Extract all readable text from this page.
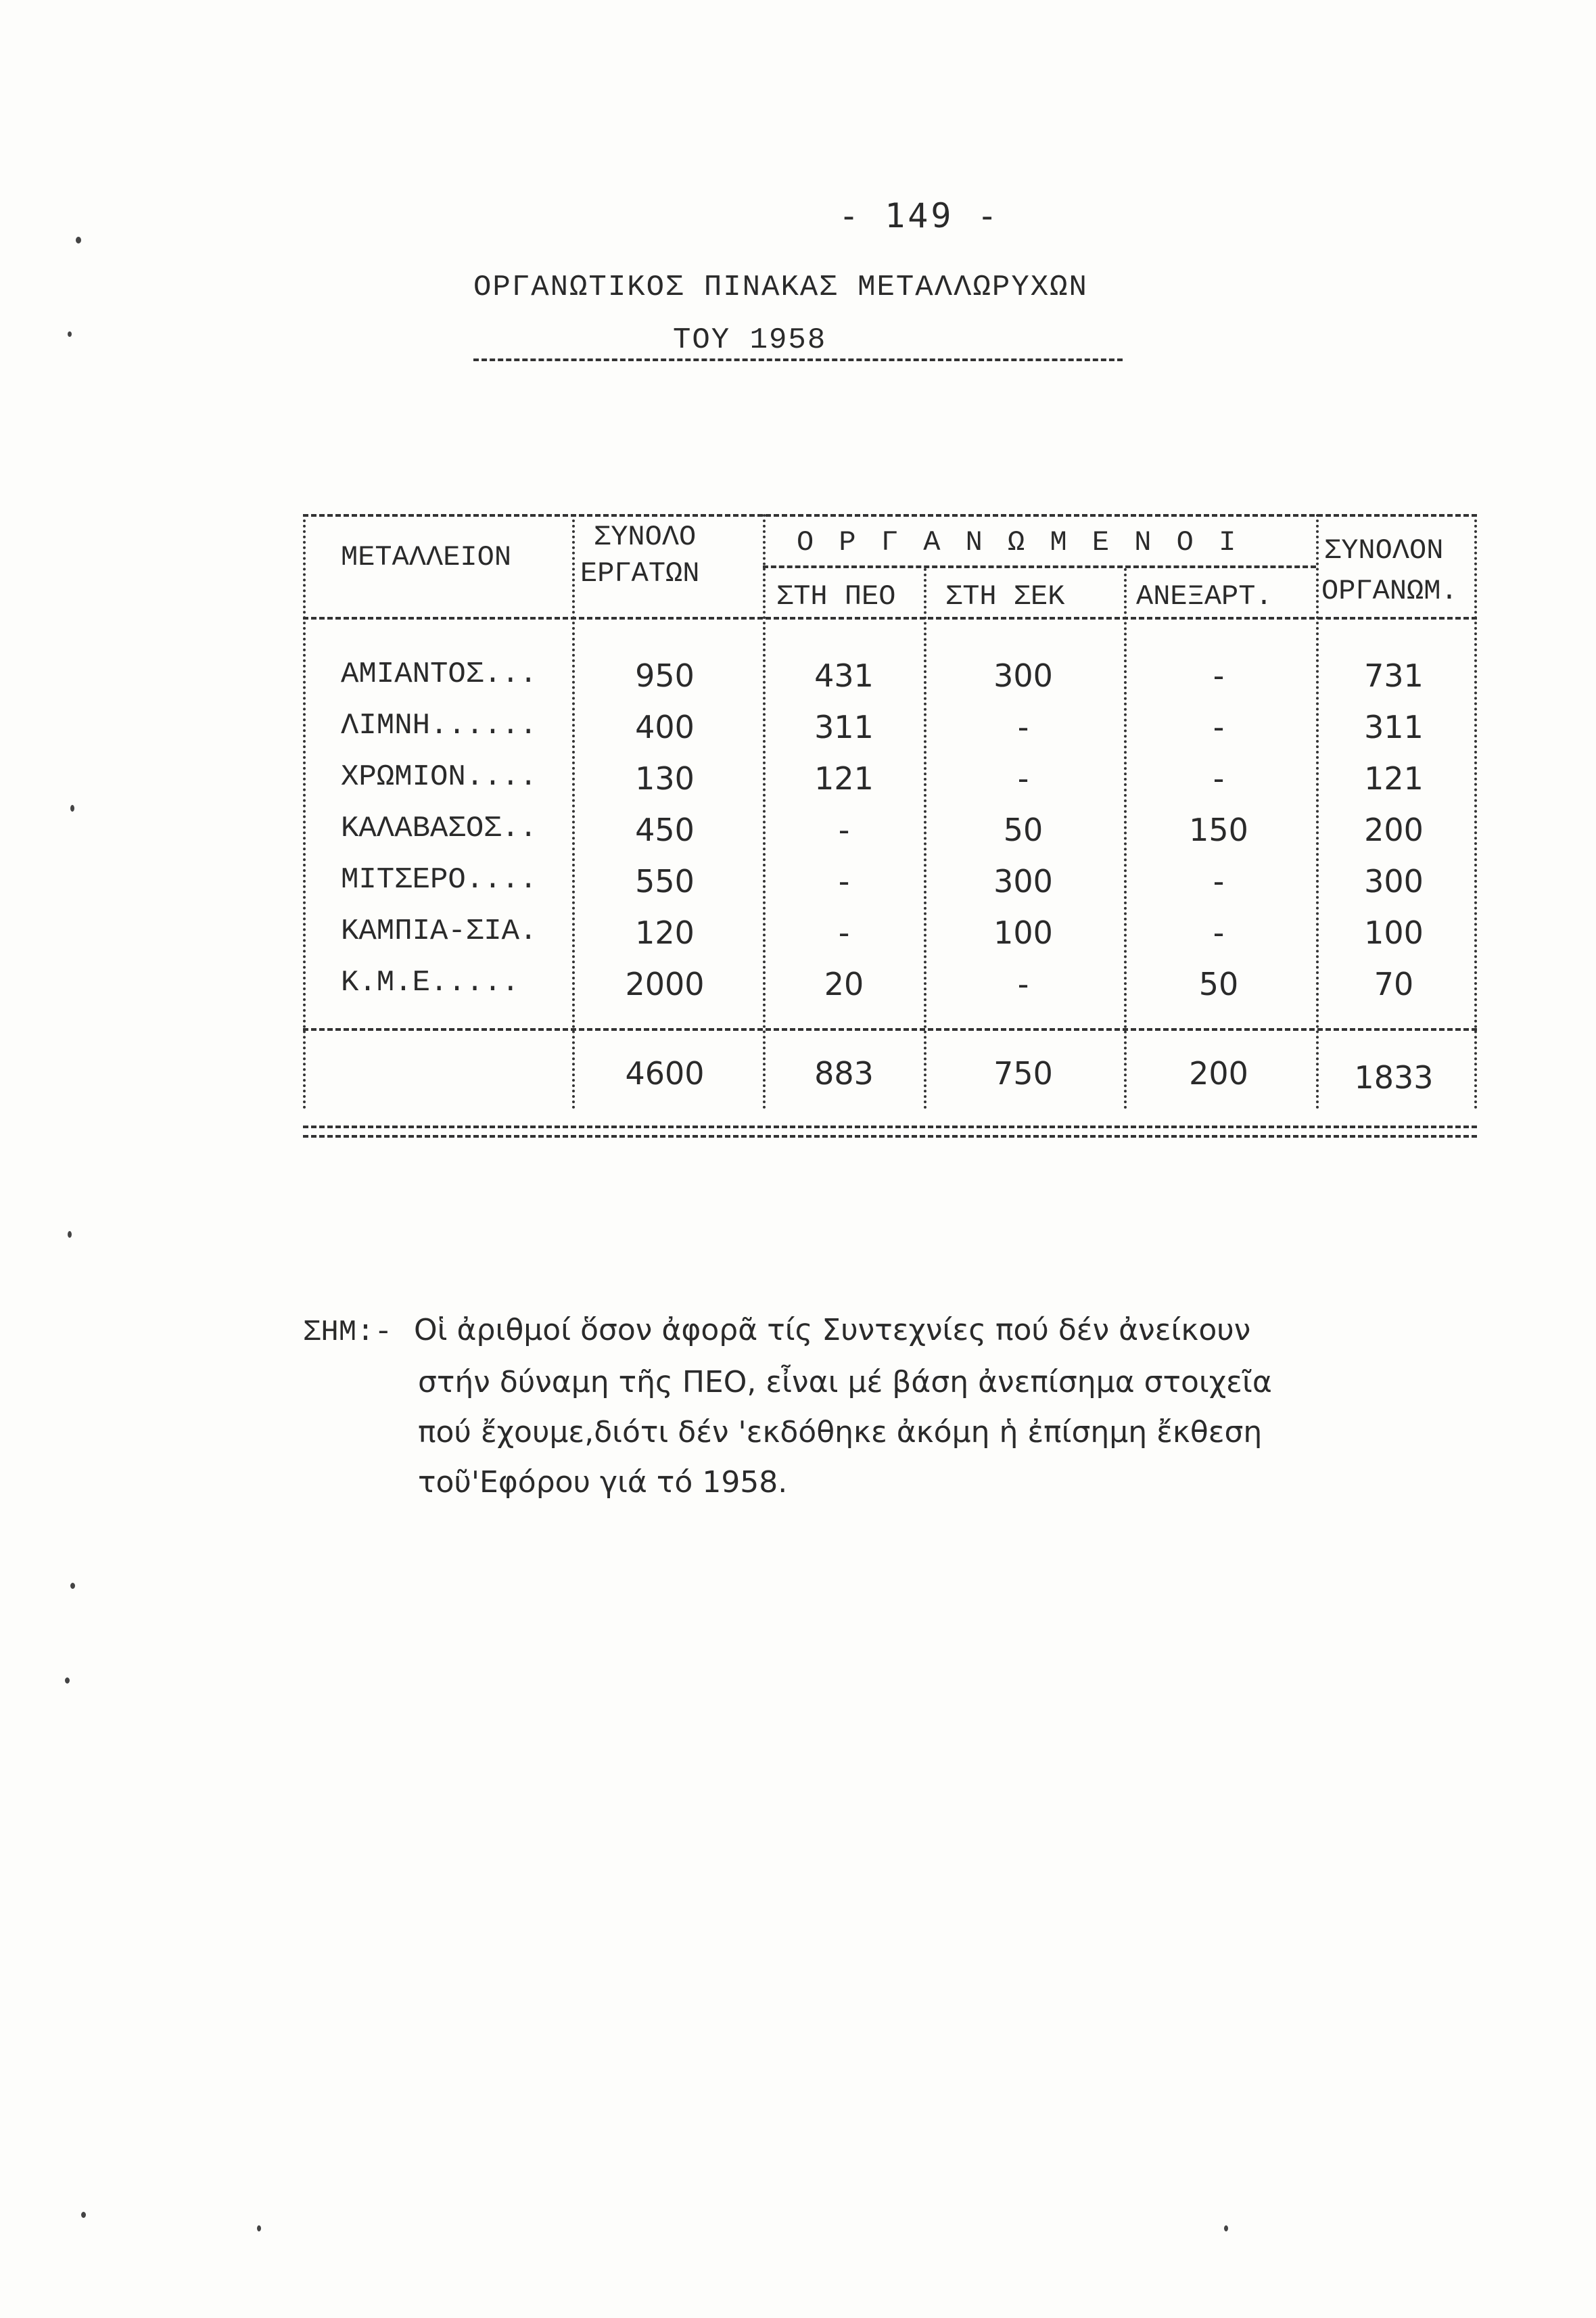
- 149 -
ΟΡΓΑΝΩΤΙΚΟΣ ΠΙΝΑΚΑΣ ΜΕΤΑΛΛΩΡΥΧΩΝ
ΤΟΥ 1958
ΜΕΤΑΛΛΕΙΟΝ
ΣΥΝΟΛΟ
ΕΡΓΑΤΩΝ
Ο Ρ Γ Α Ν Ω Μ Ε Ν Ο Ι
ΣΤΗ ΠΕΟ ΣΤΗ ΣΕΚ	ΑΝΕΞΑΡΤ.
ΣΥΝΟΛΟΝ
ΟΡΓΑΝΩΜ.
ΑΜΙΑΝΤΟΣ...	950	431	300	-	731
ΛΙΜΝΗ......	400	311	-	-	311
ΧΡΩΜΙΟΝ....	130	121	-	-	121
ΚΑΛΑΒΑΣΟΣ..	450	-	50	150	200
ΜΙΤΣΕΡΟ....	550	-	300	-	300
ΚΑΜΠΙΑ-ΣΙΑ.	120	-	100	-	100
Κ.Μ.Ε.....	2000	20	-	50	70
4600	883	750	200	1833
ΣΗΜ:- Οἱ ἀριθμοί ὅσον ἀφορᾶ τίς Συντεχνίες πού δέν ἀνείκουν
στήν δύναμη τῆς ΠΕΟ, εἶναι μέ βάση ἀνεπίσημα στοιχεῖα
πού ἔχουμε,διότι δέν 'εκδόθηκε ἀκόμη ἡ ἐπίσημη ἔκθεση
τοῦ'Εφόρου γιά τό 1958.
